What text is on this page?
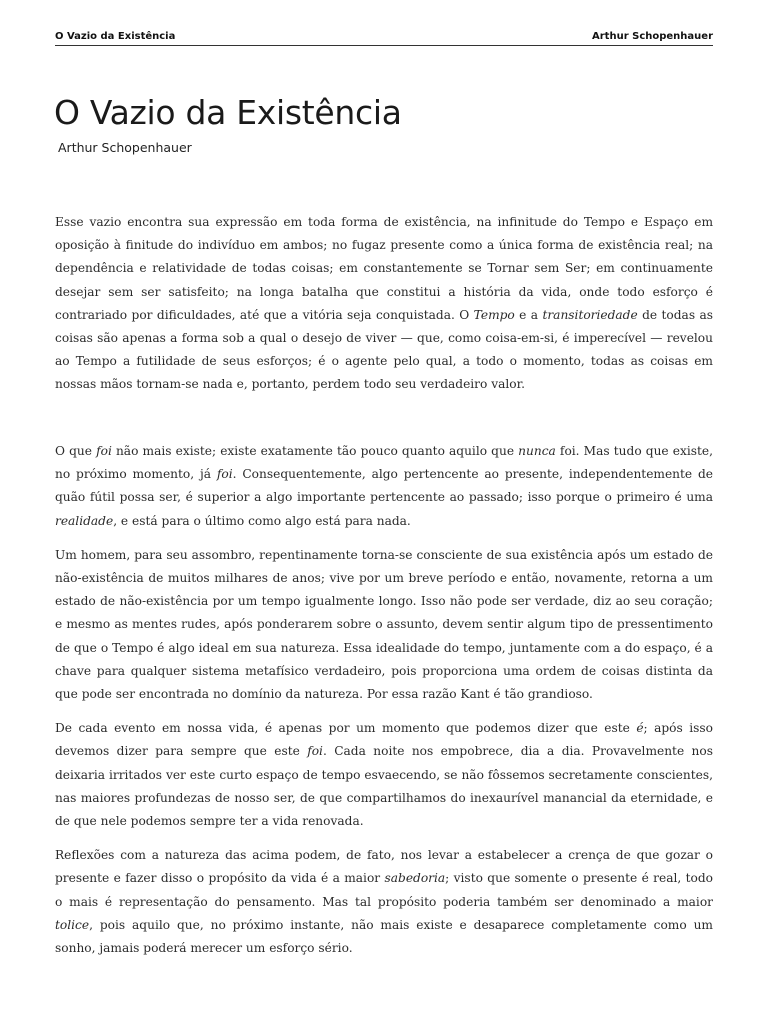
O Vazio da Existência	Arthur Schopenhauer
O Vazio da Existência
Arthur Schopenhauer

Esse vazio encontra sua expressão em toda forma de existência, na infinitude do Tempo e Espaço em oposição à finitude do indivíduo em ambos; no fugaz presente como a única forma de existência real; na dependência e relatividade de todas coisas; em constantemente se Tornar sem Ser; em continuamente desejar sem ser satisfeito; na longa batalha que constitui a história da vida, onde todo esforço é contrariado por dificuldades, até que a vitória seja conquistada. O Tempo e a transitoriedade de todas as coisas são apenas a forma sob a qual o desejo de viver — que, como coisa-em-si, é imperecível — revelou ao Tempo a futilidade de seus esforços; é o agente pelo qual, a todo o momento, todas as coisas em nossas mãos tornam-se nada e, portanto, perdem todo seu verdadeiro valor.

O que foi não mais existe; existe exatamente tão pouco quanto aquilo que nunca foi. Mas tudo que existe, no próximo momento, já foi. Consequentemente, algo pertencente ao presente, independentemente de quão fútil possa ser, é superior a algo importante pertencente ao passado; isso porque o primeiro é uma realidade, e está para o último como algo está para nada.

Um homem, para seu assombro, repentinamente torna-se consciente de sua existência após um estado de não-existência de muitos milhares de anos; vive por um breve período e então, novamente, retorna a um estado de não-existência por um tempo igualmente longo. Isso não pode ser verdade, diz ao seu coração; e mesmo as mentes rudes, após ponderarem sobre o assunto, devem sentir algum tipo de pressentimento de que o Tempo é algo ideal em sua natureza. Essa idealidade do tempo, juntamente com a do espaço, é a chave para qualquer sistema metafísico verdadeiro, pois proporciona uma ordem de coisas distinta da que pode ser encontrada no domínio da natureza. Por essa razão Kant é tão grandioso.

De cada evento em nossa vida, é apenas por um momento que podemos dizer que este é; após isso devemos dizer para sempre que este foi. Cada noite nos empobrece, dia a dia. Provavelmente nos deixaria irritados ver este curto espaço de tempo esvaecendo, se não fôssemos secretamente conscientes, nas maiores profundezas de nosso ser, de que compartilhamos do inexaurível manancial da eternidade, e de que nele podemos sempre ter a vida renovada.

Reflexões com a natureza das acima podem, de fato, nos levar a estabelecer a crença de que gozar o presente e fazer disso o propósito da vida é a maior sabedoria; visto que somente o presente é real, todo o mais é representação do pensamento. Mas tal propósito poderia também ser denominado a maior tolice, pois aquilo que, no próximo instante, não mais existe e desaparece completamente como um sonho, jamais poderá merecer um esforço sério.
